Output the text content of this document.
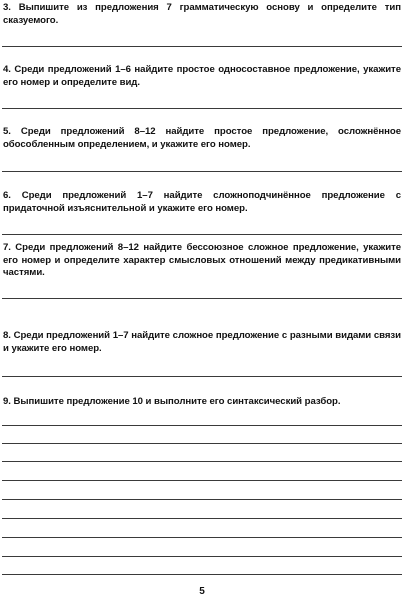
3. Выпишите из предложения 7 грамматическую основу и определите тип сказуемого.
4. Среди предложений 1–6 найдите простое односоставное предложение, укажите его номер и определите вид.
5. Среди предложений 8–12 найдите простое предложение, осложнённое обособленным определением, и укажите его номер.
6. Среди предложений 1–7 найдите сложноподчинённое предложение с придаточной изъяснительной и укажите его номер.
7. Среди предложений 8–12 найдите бессоюзное сложное предложение, укажите его номер и определите характер смысловых отношений между предикативными частями.
8. Среди предложений 1–7 найдите сложное предложение с разными видами связи и укажите его номер.
9. Выпишите предложение 10 и выполните его синтаксический разбор.
5
